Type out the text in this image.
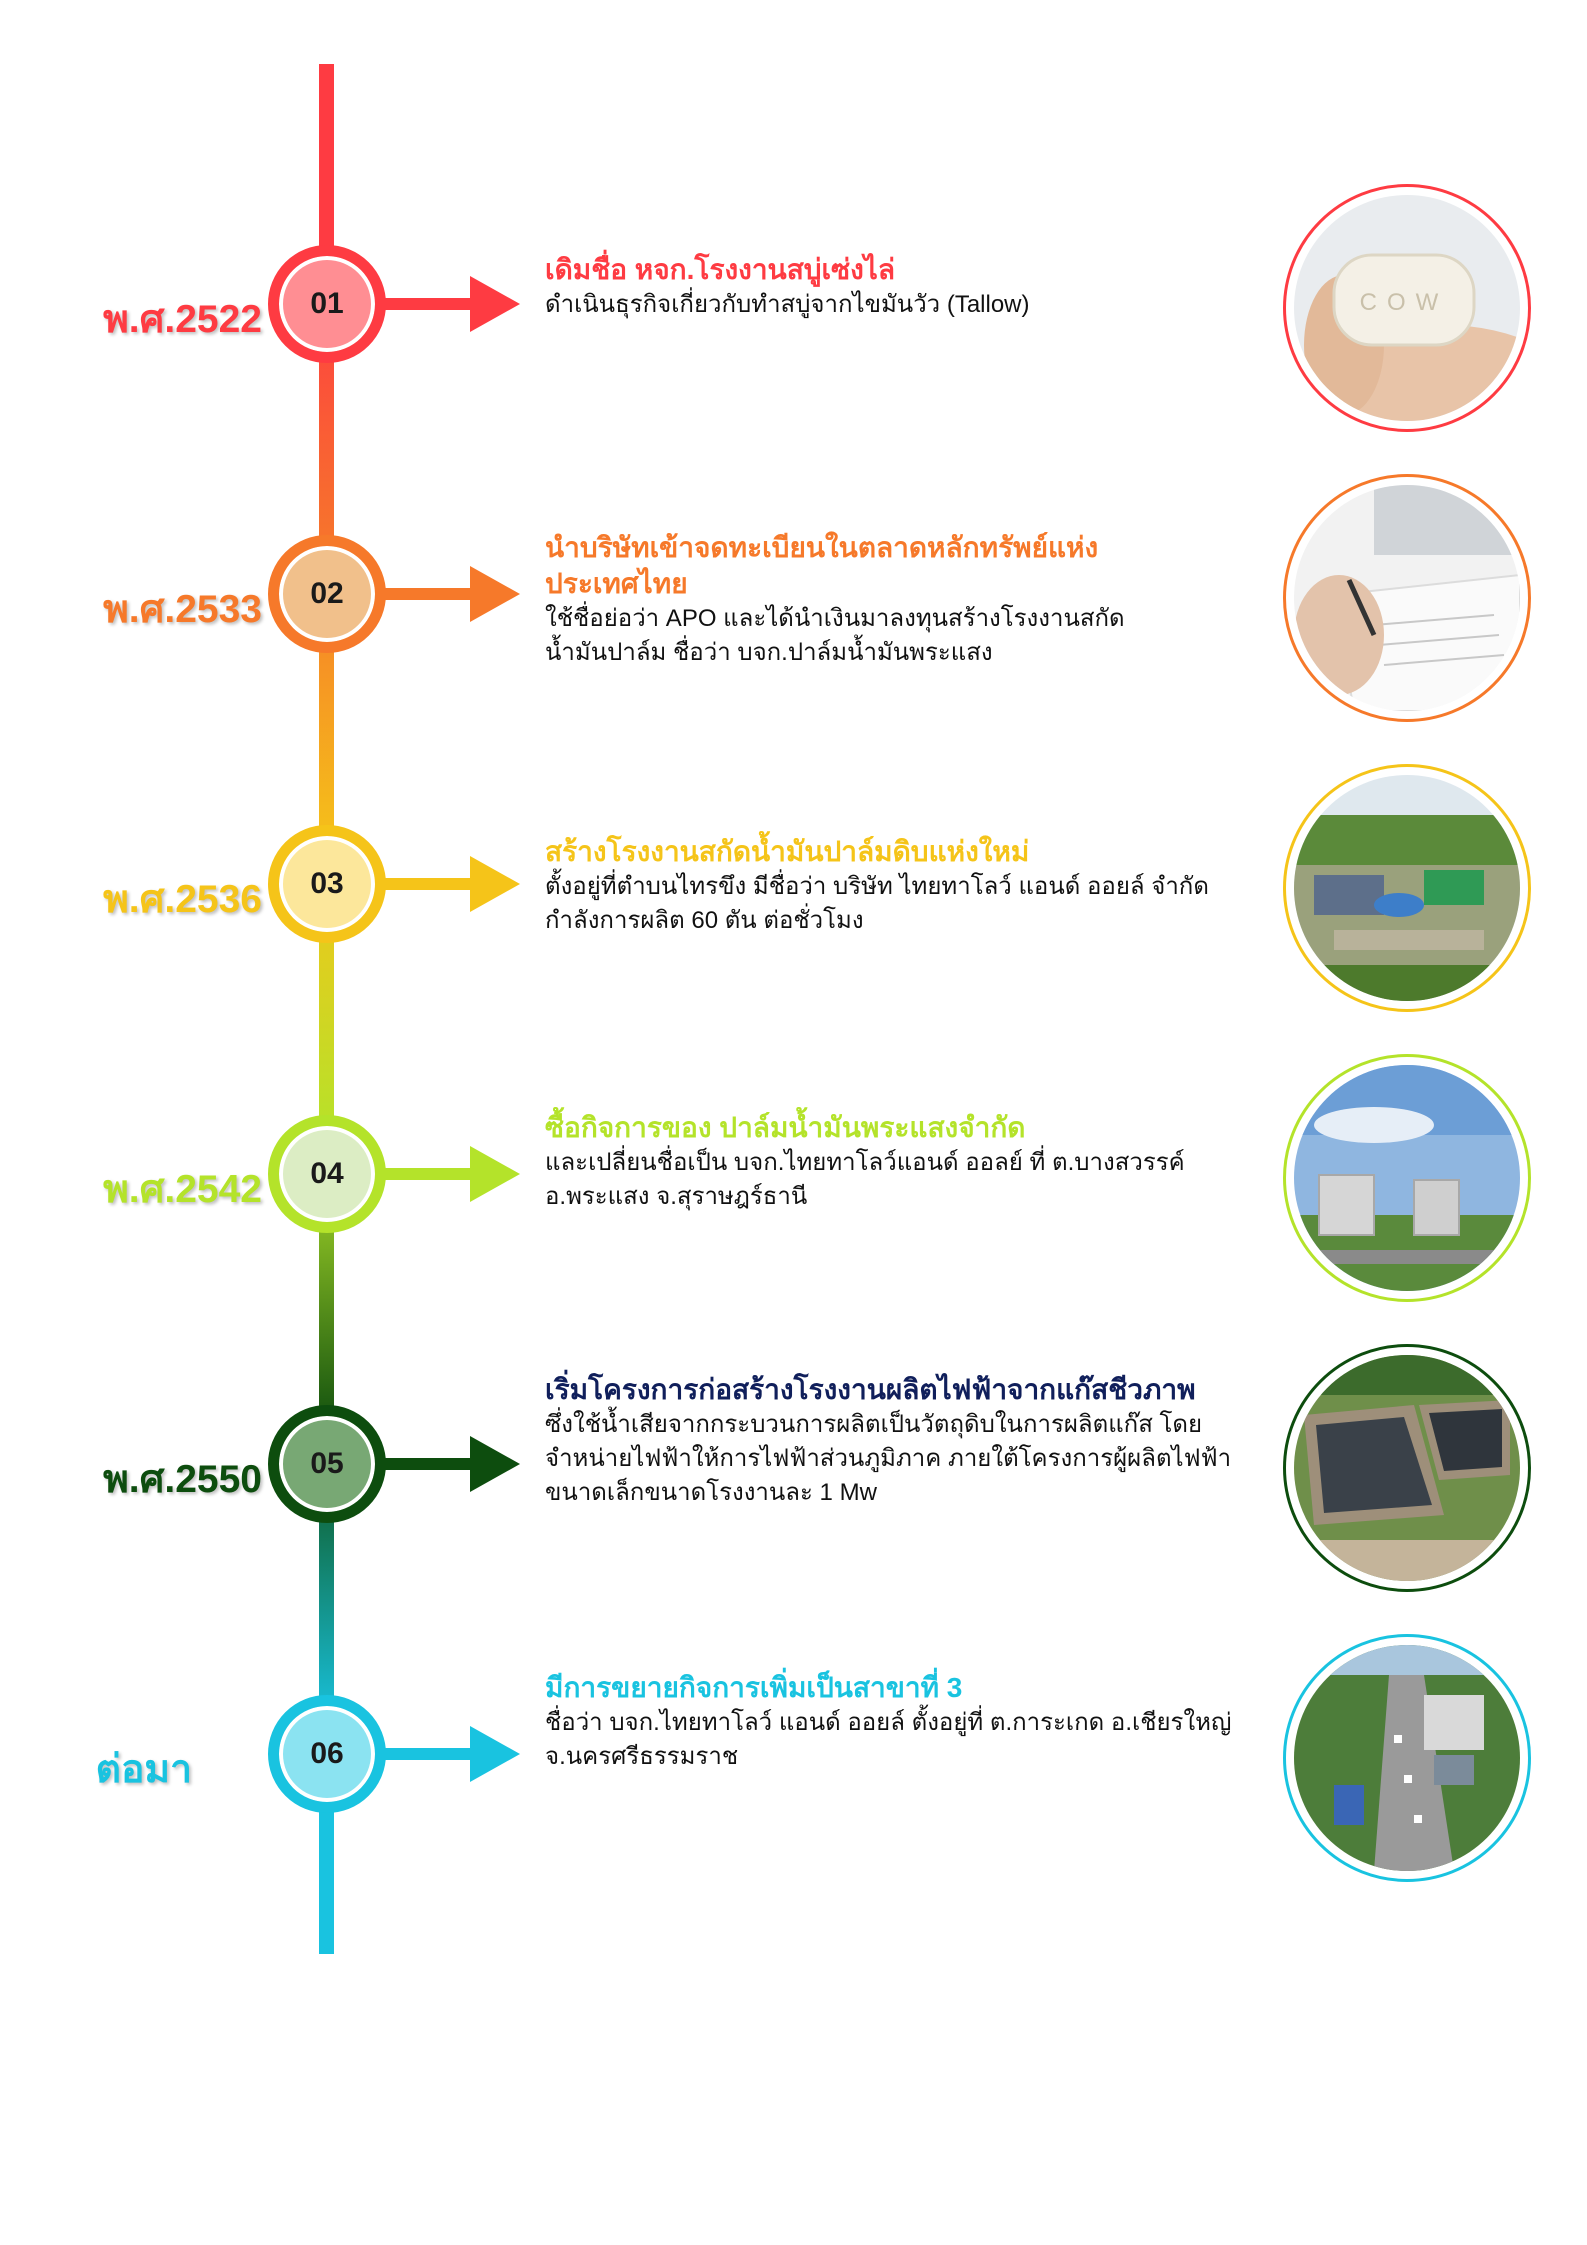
พ.ศ.2522 01

เดิมชื่อ หจก.โรงงานสบู่เซ่งไล่

ดำเนินธุรกิจเกี่ยวกับทำสบู่จากไขมันวัว (Tallow)	COW
พ.ศ.2533 02

นำบริษัทเข้าจดทะเบียนในตลาดหลักทรัพย์แห่ง

ประเทศไทย

ใช้ชื่อย่อว่า APO และได้นำเงินมาลงทุนสร้างโรงงานสกัด

น้ำมันปาล์ม ชื่อว่า บจก.ปาล์มน้ำมันพระแสง

พ.ศ.2536 03

สร้างโรงงานสกัดน้ำมันปาล์มดิบแห่งใหม่

ตั้งอยู่ที่ตำบนไทรขึง มีชื่อว่า บริษัท ไทยทาโลว์ แอนด์ ออยล์ จำกัด

กำลังการผลิต 60 ตัน ต่อชั่วโมง

พ.ศ.2542 04

ซื้อกิจการของ ปาล์มน้ำมันพระแสงจำกัด

และเปลี่ยนชื่อเป็น บจก.ไทยทาโลว์แอนด์ ออลย์ ที่ ต.บางสวรรค์

อ.พระแสง จ.สุราษฎร์ธานี

พ.ศ.2550 05

เริ่มโครงการก่อสร้างโรงงานผลิตไฟฟ้าจากแก๊สชีวภาพ

ซึ่งใช้น้ำเสียจากกระบวนการผลิตเป็นวัตถุดิบในการผลิตแก๊ส โดย

จำหน่ายไฟฟ้าให้การไฟฟ้าส่วนภูมิภาค ภายใต้โครงการผู้ผลิตไฟฟ้า

ขนาดเล็กขนาดโรงงานละ 1 Mw

ต่อมา	06

มีการขยายกิจการเพิ่มเป็นสาขาที่ 3

ชื่อว่า บจก.ไทยทาโลว์ แอนด์ ออยล์ ตั้งอยู่ที่ ต.การะเกด อ.เชียรใหญ่

จ.นครศรีธรรมราช
